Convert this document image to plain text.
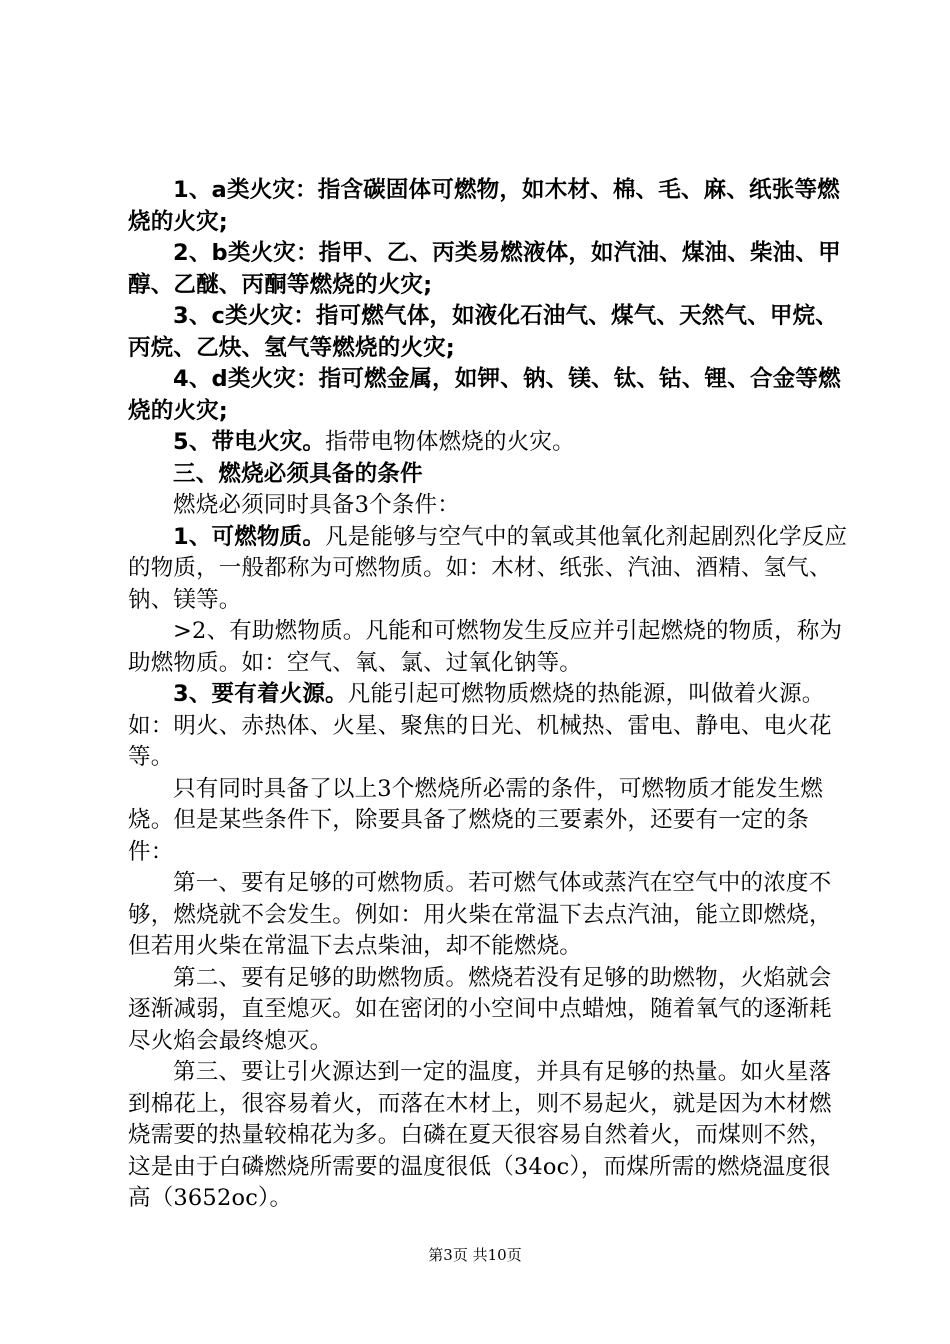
1、a类火灾：指含碳固体可燃物，如木材、棉、毛、麻、纸张等燃烧的火灾;

2、b类火灾：指甲、乙、丙类易燃液体，如汽油、煤油、柴油、甲醇、乙醚、丙酮等燃烧的火灾;

3、c类火灾：指可燃气体，如液化石油气、煤气、天然气、甲烷、丙烷、乙炔、氢气等燃烧的火灾;

4、d类火灾：指可燃金属，如钾、钠、镁、钛、钴、锂、合金等燃烧的火灾;

5、带电火灾。指带电物体燃烧的火灾。

三、燃烧必须具备的条件

燃烧必须同时具备3个条件：

1、可燃物质。凡是能够与空气中的氧或其他氧化剂起剧烈化学反应的物质，一般都称为可燃物质。如：木材、纸张、汽油、酒精、氢气、钠、镁等。

>2、有助燃物质。凡能和可燃物发生反应并引起燃烧的物质，称为助燃物质。如：空气、氧、氯、过氧化钠等。

3、要有着火源。凡能引起可燃物质燃烧的热能源，叫做着火源。如：明火、赤热体、火星、聚焦的日光、机械热、雷电、静电、电火花等。

只有同时具备了以上3个燃烧所必需的条件，可燃物质才能发生燃烧。但是某些条件下，除要具备了燃烧的三要素外，还要有一定的条件：

第一、要有足够的可燃物质。若可燃气体或蒸汽在空气中的浓度不够，燃烧就不会发生。例如：用火柴在常温下去点汽油，能立即燃烧，但若用火柴在常温下去点柴油，却不能燃烧。

第二、要有足够的助燃物质。燃烧若没有足够的助燃物，火焰就会逐渐减弱，直至熄灭。如在密闭的小空间中点蜡烛，随着氧气的逐渐耗尽火焰会最终熄灭。

第三、要让引火源达到一定的温度，并具有足够的热量。如火星落到棉花上，很容易着火，而落在木材上，则不易起火，就是因为木材燃烧需要的热量较棉花为多。白磷在夏天很容易自然着火，而煤则不然，这是由于白磷燃烧所需要的温度很低（34oc），而煤所需的燃烧温度很高（3652oc）。

第3页 共10页
